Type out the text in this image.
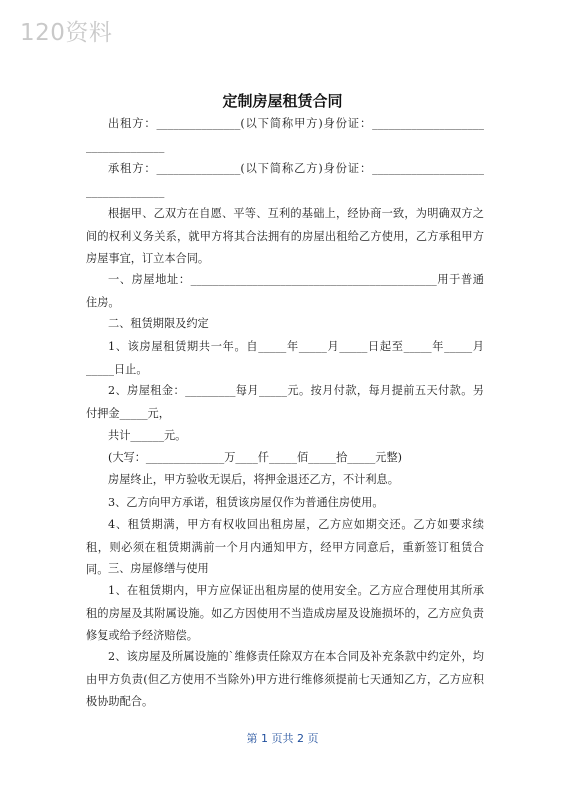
120资料
定制房屋租赁合同

出租方：_______________(以下简称甲方)身份证：____________________ ______________

承租方：_______________(以下简称乙方)身份证：____________________ ______________

根据甲、乙双方在自愿、平等、互利的基础上，经协商一致，为明确双方之间的权利义务关系，就甲方将其合法拥有的房屋出租给乙方使用，乙方承租甲方房屋事宜，订立本合同。

一、房屋地址：____________________________________________用于普通住房。

二、租赁期限及约定

1、该房屋租赁期共一年。自_____年_____月_____日起至_____年_____月_____日止。

2、房屋租金：_________每月_____元。按月付款，每月提前五天付款。另付押金_____元，

共计______元。

(大写：______________万____仟_____佰_____拾_____元整)

房屋终止，甲方验收无误后，将押金退还乙方，不计利息。

3、乙方向甲方承诺，租赁该房屋仅作为普通住房使用。

4、租赁期满，甲方有权收回出租房屋，乙方应如期交还。乙方如要求续租，则必须在租赁期满前一个月内通知甲方，经甲方同意后，重新签订租赁合同。 三、房屋修缮与使用

1、在租赁期内，甲方应保证出租房屋的使用安全。乙方应合理使用其所承租的房屋及其附属设施。如乙方因使用不当造成房屋及设施损坏的，乙方应负责修复或给予经济赔偿。

2、该房屋及所属设施的`维修责任除双方在本合同及补充条款中约定外，均由甲方负责(但乙方使用不当除外)甲方进行维修须提前七天通知乙方，乙方应积极协助配合。

第 1 页共 2 页
